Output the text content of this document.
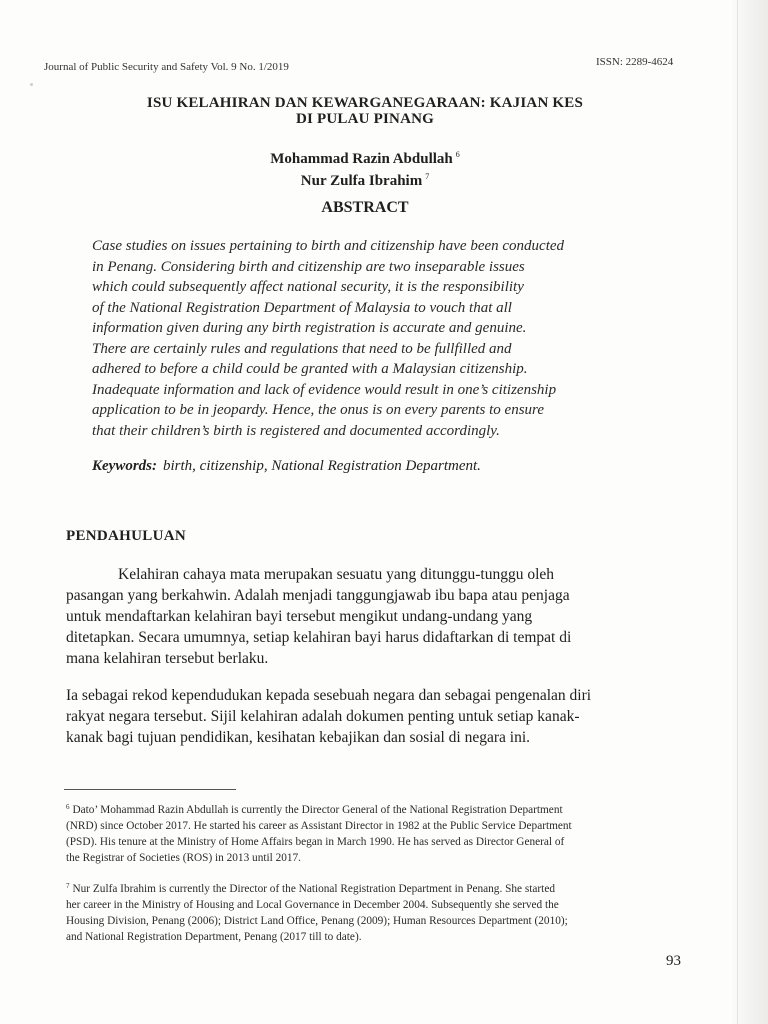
Journal of Public Security and Safety Vol. 9 No. 1/2019	ISSN: 2289-4624
ISU KELAHIRAN DAN KEWARGANEGARAAN: KAJIAN KES
DI PULAU PINANG
Mohammad Razin Abdullah $^6$
Nur Zulfa Ibrahim $^7$
ABSTRACT
Case studies on issues pertaining to birth and citizenship have been conducted
in Penang. Considering birth and citizenship are two inseparable issues
which could subsequently affect national security, it is the responsibility
of the National Registration Department of Malaysia to vouch that all
information given during any birth registration is accurate and genuine.
There are certainly rules and regulations that need to be fullfilled and
adhered to before a child could be granted with a Malaysian citizenship.
Inadequate information and lack of evidence would result in one’s citizenship
application to be in jeopardy. Hence, the onus is on every parents to ensure
that their children’s birth is registered and documented accordingly.
Keywords: birth, citizenship, National Registration Department.
PENDAHULUAN
Kelahiran cahaya mata merupakan sesuatu yang ditunggu-tunggu oleh
pasangan yang berkahwin. Adalah menjadi tanggungjawab ibu bapa atau penjaga
untuk mendaftarkan kelahiran bayi tersebut mengikut undang-undang yang
ditetapkan. Secara umumnya, setiap kelahiran bayi harus didaftarkan di tempat di
mana kelahiran tersebut berlaku.
Ia sebagai rekod kependudukan kepada sesebuah negara dan sebagai pengenalan diri
rakyat negara tersebut. Sijil kelahiran adalah dokumen penting untuk setiap kanak-
kanak bagi tujuan pendidikan, kesihatan kebajikan dan sosial di negara ini.
$^6$ Dato’ Mohammad Razin Abdullah is currently the Director General of the National Registration Department
(NRD) since October 2017. He started his career as Assistant Director in 1982 at the Public Service Department
(PSD). His tenure at the Ministry of Home Affairs began in March 1990. He has served as Director General of
the Registrar of Societies (ROS) in 2013 until 2017.
$^7$ Nur Zulfa Ibrahim is currently the Director of the National Registration Department in Penang. She started
her career in the Ministry of Housing and Local Governance in December 2004. Subsequently she served the
Housing Division, Penang (2006); District Land Office, Penang (2009); Human Resources Department (2010);
and National Registration Department, Penang (2017 till to date).
93
